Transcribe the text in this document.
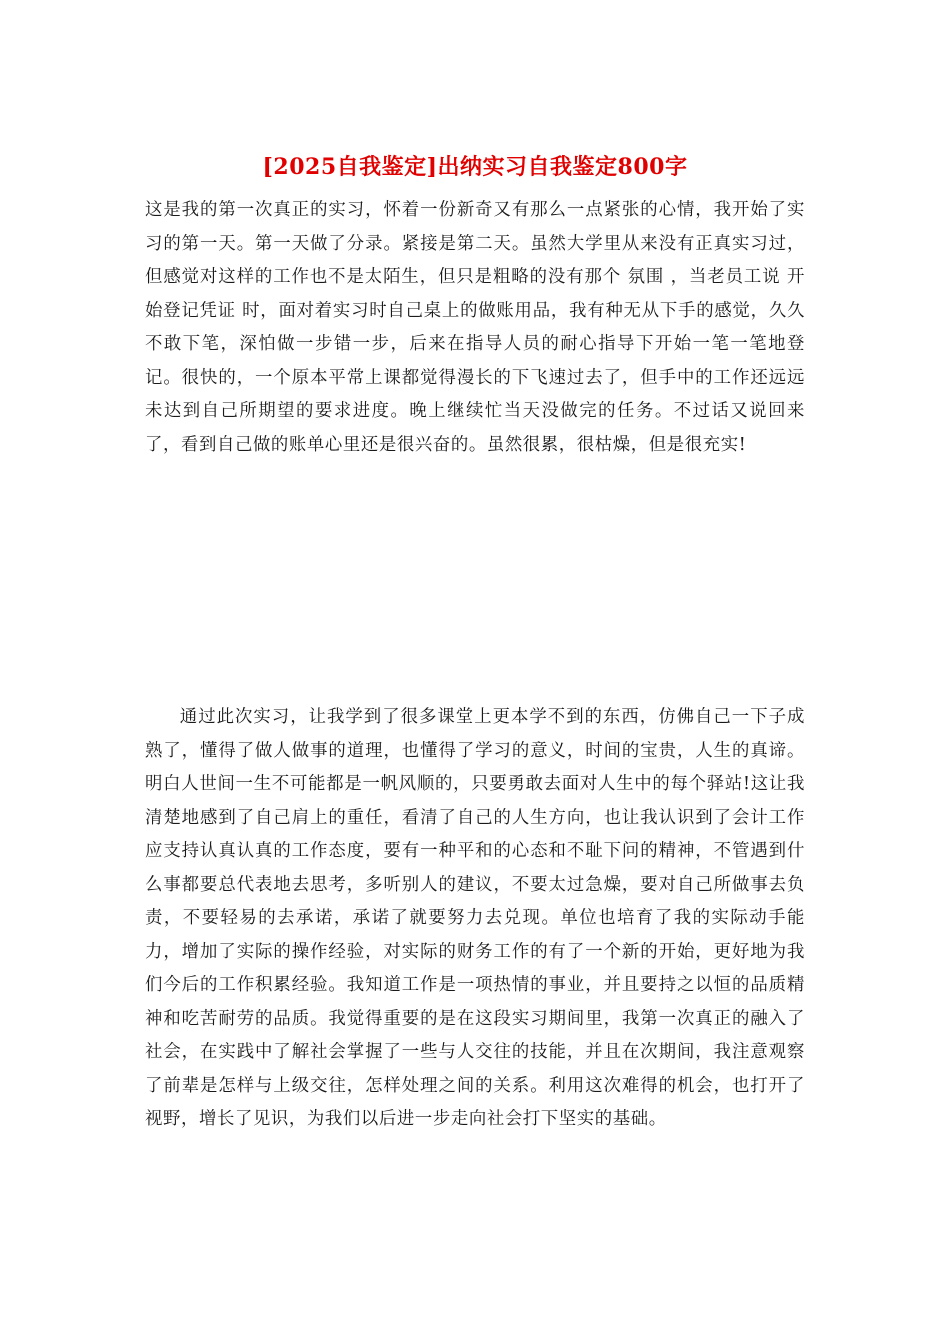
[2025自我鉴定]出纳实习自我鉴定800字

这是我的第一次真正的实习，怀着一份新奇又有那么一点紧张的心情，我开始了实习的第一天。第一天做了分录。紧接是第二天。虽然大学里从来没有正真实习过，但感觉对这样的工作也不是太陌生，但只是粗略的没有那个 氛围 ，当老员工说 开始登记凭证 时，面对着实习时自己桌上的做账用品，我有种无从下手的感觉，久久不敢下笔，深怕做一步错一步，后来在指导人员的耐心指导下开始一笔一笔地登记。很快的，一个原本平常上课都觉得漫长的下飞速过去了，但手中的工作还远远未达到自己所期望的要求进度。晚上继续忙当天没做完的任务。不过话又说回来了，看到自己做的账单心里还是很兴奋的。虽然很累，很枯燥，但是很充实!

通过此次实习，让我学到了很多课堂上更本学不到的东西，仿佛自己一下子成熟了，懂得了做人做事的道理，也懂得了学习的意义，时间的宝贵，人生的真谛。明白人世间一生不可能都是一帆风顺的，只要勇敢去面对人生中的每个驿站!这让我清楚地感到了自己肩上的重任，看清了自己的人生方向，也让我认识到了会计工作应支持认真认真的工作态度，要有一种平和的心态和不耻下问的精神，不管遇到什么事都要总代表地去思考，多听别人的建议，不要太过急燥，要对自己所做事去负责，不要轻易的去承诺，承诺了就要努力去兑现。单位也培育了我的实际动手能力，增加了实际的操作经验，对实际的财务工作的有了一个新的开始，更好地为我们今后的工作积累经验。我知道工作是一项热情的事业，并且要持之以恒的品质精神和吃苦耐劳的品质。我觉得重要的是在这段实习期间里，我第一次真正的融入了社会，在实践中了解社会掌握了一些与人交往的技能，并且在次期间，我注意观察了前辈是怎样与上级交往，怎样处理之间的关系。利用这次难得的机会，也打开了视野，增长了见识，为我们以后进一步走向社会打下坚实的基础。
